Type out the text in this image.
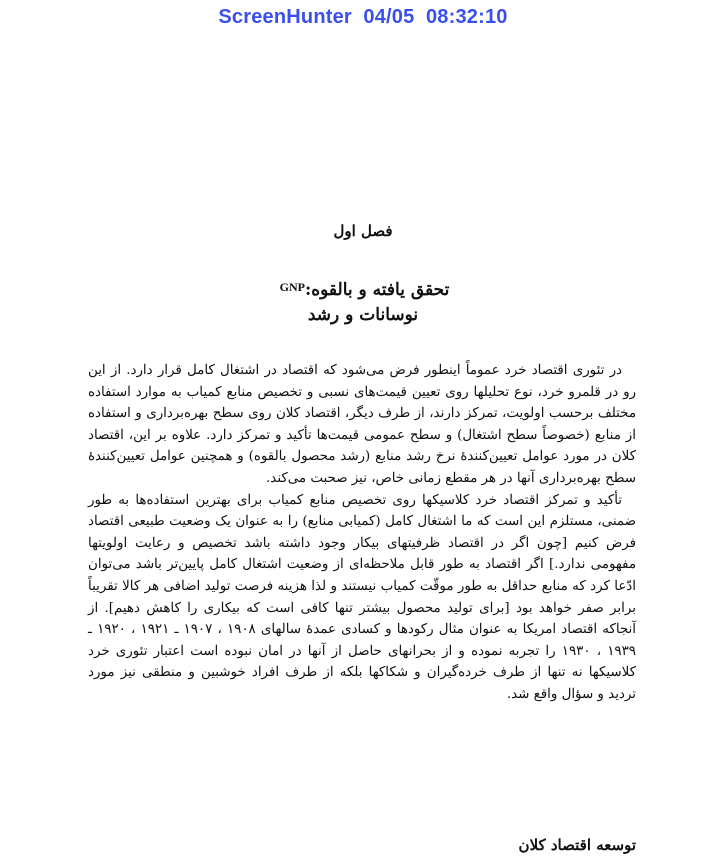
ScreenHunter  04/05  08:32:10
فصل اول
تحقق یافته و بالقوه:$^{GNP}$
نوسانات و رشد

در تئوری اقتصاد خرد عموماً اینطور فرض می‌شود که اقتصاد در اشتغال کامل قرار دارد. از این رو در قلمرو خرد، نوع تحلیلها روی تعیین قیمت‌های نسبی و تخصیص منابع کمیاب به موارد استفاده مختلف برحسب اولویت، تمرکز دارند، از طرف دیگر، اقتصاد کلان روی سطح بهره‌برداری و استفاده از منابع (خصوصاً سطح اشتغال) و سطح عمومی قیمت‌ها تأکید و تمرکز دارد. علاوه بر این، اقتصاد کلان در مورد عوامل تعیین‌کنندهٔ نرخ رشد منابع (رشد محصول بالقوه) و همچنین عوامل تعیین‌کنندهٔ سطح بهره‌برداری آنها در هر مقطع زمانی خاص، نیز صحبت می‌کند.

تأکید و تمرکز اقتصاد خرد کلاسیکها روی تخصیص منابع کمیاب برای بهترین استفاده‌ها به طور ضمنی، مستلزم این است که ما اشتغال کامل (کمیابی منابع) را به عنوان یک وضعیت طبیعی اقتصاد فرض کنیم [چون اگر در اقتصاد ظرفیتهای بیکار وجود داشته باشد تخصیص و رعایت اولویتها مفهومی ندارد.] اگر اقتصاد به طور قابل ملاحظه‌ای از وضعیت اشتغال کامل پایین‌تر باشد می‌توان ادّعا کرد که منابع حداقل به طور موقّت کمیاب نیستند و لذا هزینه فرصت تولید اضافی هر کالا تقریباً برابر صفر خواهد بود [برای تولید محصول بیشتر تنها کافی است که بیکاری را کاهش دهیم]. از آنجاکه اقتصاد امریکا به عنوان مثال رکودها و کسادی عمدهٔ سالهای ۱۹۰۸ ، ۱۹۰۷ ـ ۱۹۲۱ ، ۱۹۲۰ ـ ۱۹۳۹ ، ۱۹۳۰ را تجربه نموده و از بحرانهای حاصل از آنها در امان نبوده است اعتبار تئوری خرد کلاسیکها نه تنها از طرف خرده‌گیران و شکاکها بلکه از طرف افراد خوشبین و منطقی نیز مورد تردید و سؤال واقع شد.

توسعه اقتصاد کلان
